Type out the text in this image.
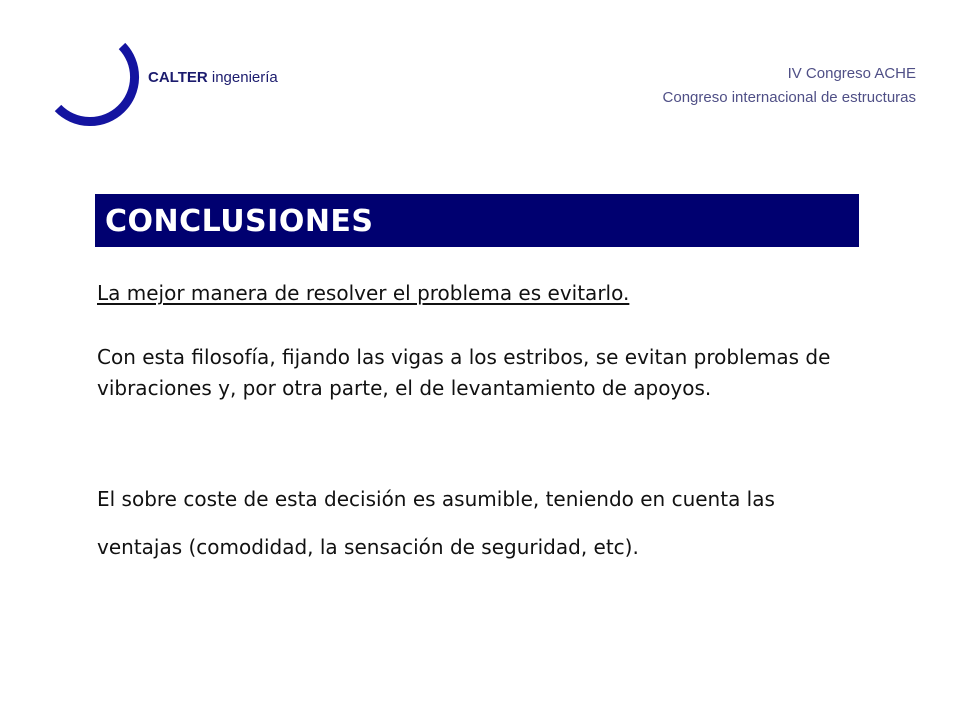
CALTER ingeniería	IV Congreso ACHE
Congreso internacional de estructuras
CONCLUSIONES
La mejor manera de resolver el problema es evitarlo.
Con esta filosofía, fijando las vigas a los estribos, se evitan problemas de vibraciones y, por otra parte, el de levantamiento de apoyos.
El sobre coste de esta decisión es asumible, teniendo en cuenta las ventajas (comodidad, la sensación de seguridad, etc).
